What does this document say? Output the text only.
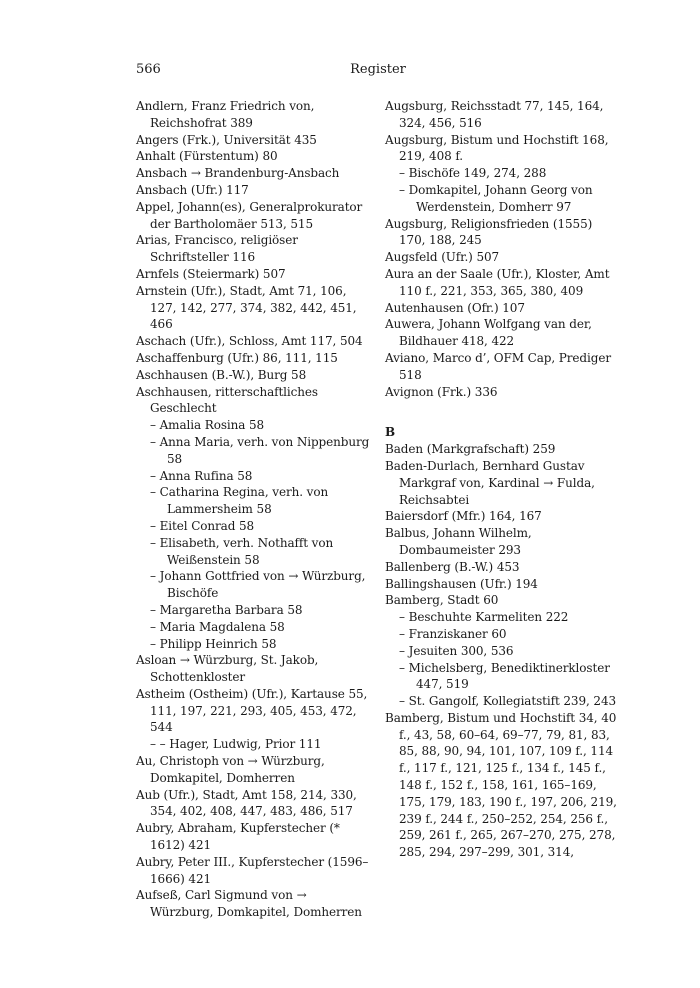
566	Register

Andlern, Franz Friedrich von, Reichshofrat 389

Angers (Frk.), Universität 435

Anhalt (Fürstentum) 80

Ansbach → Brandenburg-Ansbach

Ansbach (Ufr.) 117

Appel, Johann(es), Generalprokurator der Bartholomäer 513, 515

Arias, Francisco, religiöser Schriftsteller 116

Arnfels (Steiermark) 507

Arnstein (Ufr.), Stadt, Amt 71, 106, 127, 142, 277, 374, 382, 442, 451, 466

Aschach (Ufr.), Schloss, Amt 117, 504

Aschaffenburg (Ufr.) 86, 111, 115

Aschhausen (B.-W.), Burg 58

Aschhausen, ritterschaftliches Geschlecht

– Amalia Rosina 58

– Anna Maria, verh. von Nippenburg 58

– Anna Rufina 58

– Catharina Regina, verh. von Lammersheim 58

– Eitel Conrad 58

– Elisabeth, verh. Nothafft von Weißenstein 58

– Johann Gottfried von → Würzburg, Bischöfe

– Margaretha Barbara 58

– Maria Magdalena 58

– Philipp Heinrich 58

Asloan → Würzburg, St. Jakob, Schottenkloster

Astheim (Ostheim) (Ufr.), Kartause 55, 111, 197, 221, 293, 405, 453, 472, 544

– – Hager, Ludwig, Prior 111

Au, Christoph von → Würzburg, Domkapitel, Domherren

Aub (Ufr.), Stadt, Amt 158, 214, 330, 354, 402, 408, 447, 483, 486, 517

Aubry, Abraham, Kupferstecher (* 1612) 421

Aubry, Peter III., Kupferstecher (1596–1666) 421

Aufseß, Carl Sigmund von → Würzburg, Domkapitel, Domherren

Augsburg, Reichsstadt 77, 145, 164, 324, 456, 516

Augsburg, Bistum und Hochstift 168, 219, 408 f.

– Bischöfe 149, 274, 288

– Domkapitel, Johann Georg von Werdenstein, Domherr 97

Augsburg, Religionsfrieden (1555) 170, 188, 245

Augsfeld (Ufr.) 507

Aura an der Saale (Ufr.), Kloster, Amt 110 f., 221, 353, 365, 380, 409

Autenhausen (Ofr.) 107

Auwera, Johann Wolfgang van der, Bildhauer 418, 422

Aviano, Marco d’, OFM Cap, Prediger 518

Avignon (Frk.) 336

B

Baden (Markgrafschaft) 259

Baden-Durlach, Bernhard Gustav Markgraf von, Kardinal → Fulda, Reichsabtei

Baiersdorf (Mfr.) 164, 167

Balbus, Johann Wilhelm, Dombaumeister 293

Ballenberg (B.-W.) 453

Ballingshausen (Ufr.) 194

Bamberg, Stadt 60

– Beschuhte Karmeliten 222

– Franziskaner 60

– Jesuiten 300, 536

– Michelsberg, Benediktinerkloster 447, 519

– St. Gangolf, Kollegiatstift 239, 243

Bamberg, Bistum und Hochstift 34, 40 f., 43, 58, 60–64, 69–77, 79, 81, 83, 85, 88, 90, 94, 101, 107, 109 f., 114 f., 117 f., 121, 125 f., 134 f., 145 f., 148 f., 152 f., 158, 161, 165–169, 175, 179, 183, 190 f., 197, 206, 219, 239 f., 244 f., 250–252, 254, 256 f., 259, 261 f., 265, 267–270, 275, 278, 285, 294, 297–299, 301, 314,
